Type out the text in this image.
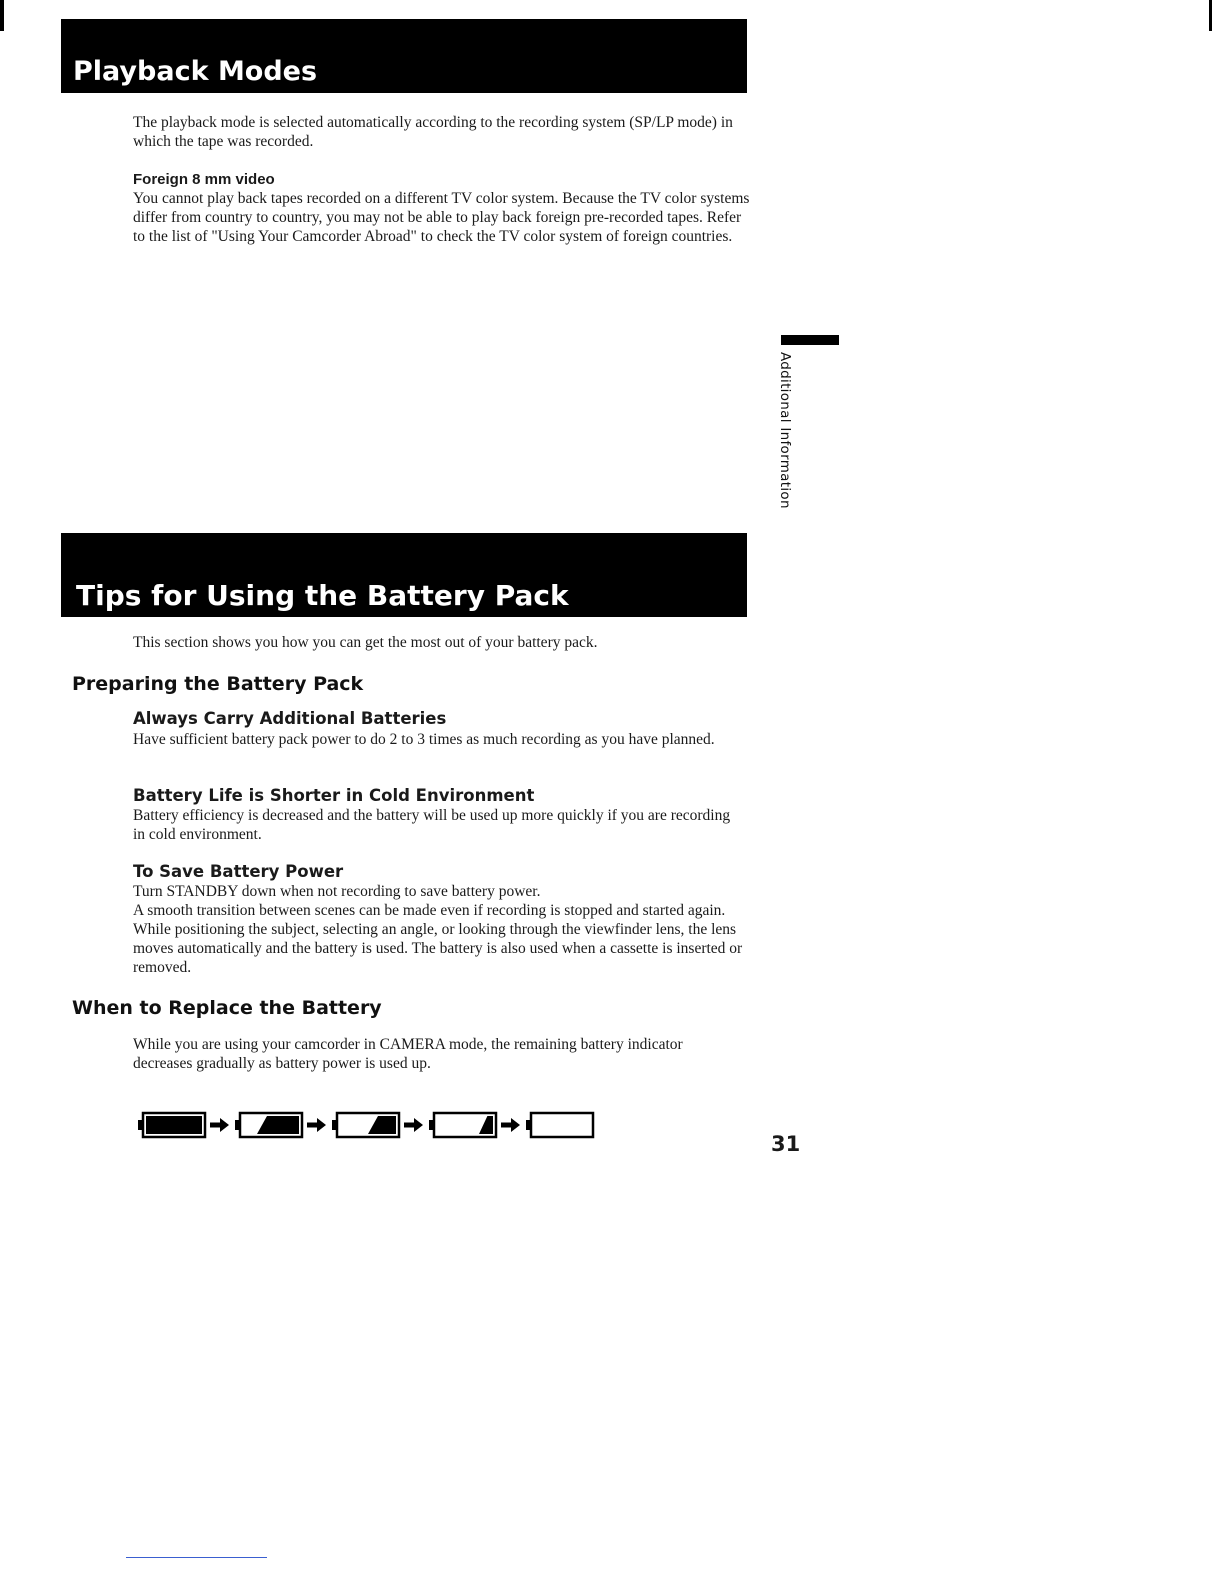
Playback Modes
The playback mode is selected automatically according to the recording system (SP/LP mode) in which the tape was recorded.
Foreign 8 mm video
You cannot play back tapes recorded on a different TV color system. Because the TV color systems differ from country to country, you may not be able to play back foreign pre-recorded tapes. Refer to the list of "Using Your Camcorder Abroad" to check the TV color system of foreign countries.
Additional Information
Tips for Using the Battery Pack
This section shows you how you can get the most out of your battery pack.
Preparing the Battery Pack
Always Carry Additional Batteries
Have sufficient battery pack power to do 2 to 3 times as much recording as you have planned.
Battery Life is Shorter in Cold Environment
Battery efficiency is decreased and the battery will be used up more quickly if you are recording in cold environment.
To Save Battery Power
Turn STANDBY down when not recording to save battery power.
A smooth transition between scenes can be made even if recording is stopped and started again. While positioning the subject, selecting an angle, or looking through the viewfinder lens, the lens moves automatically and the battery is used. The battery is also used when a cassette is inserted or removed.
When to Replace the Battery
While you are using your camcorder in CAMERA mode, the remaining battery indicator decreases gradually as battery power is used up.
31
